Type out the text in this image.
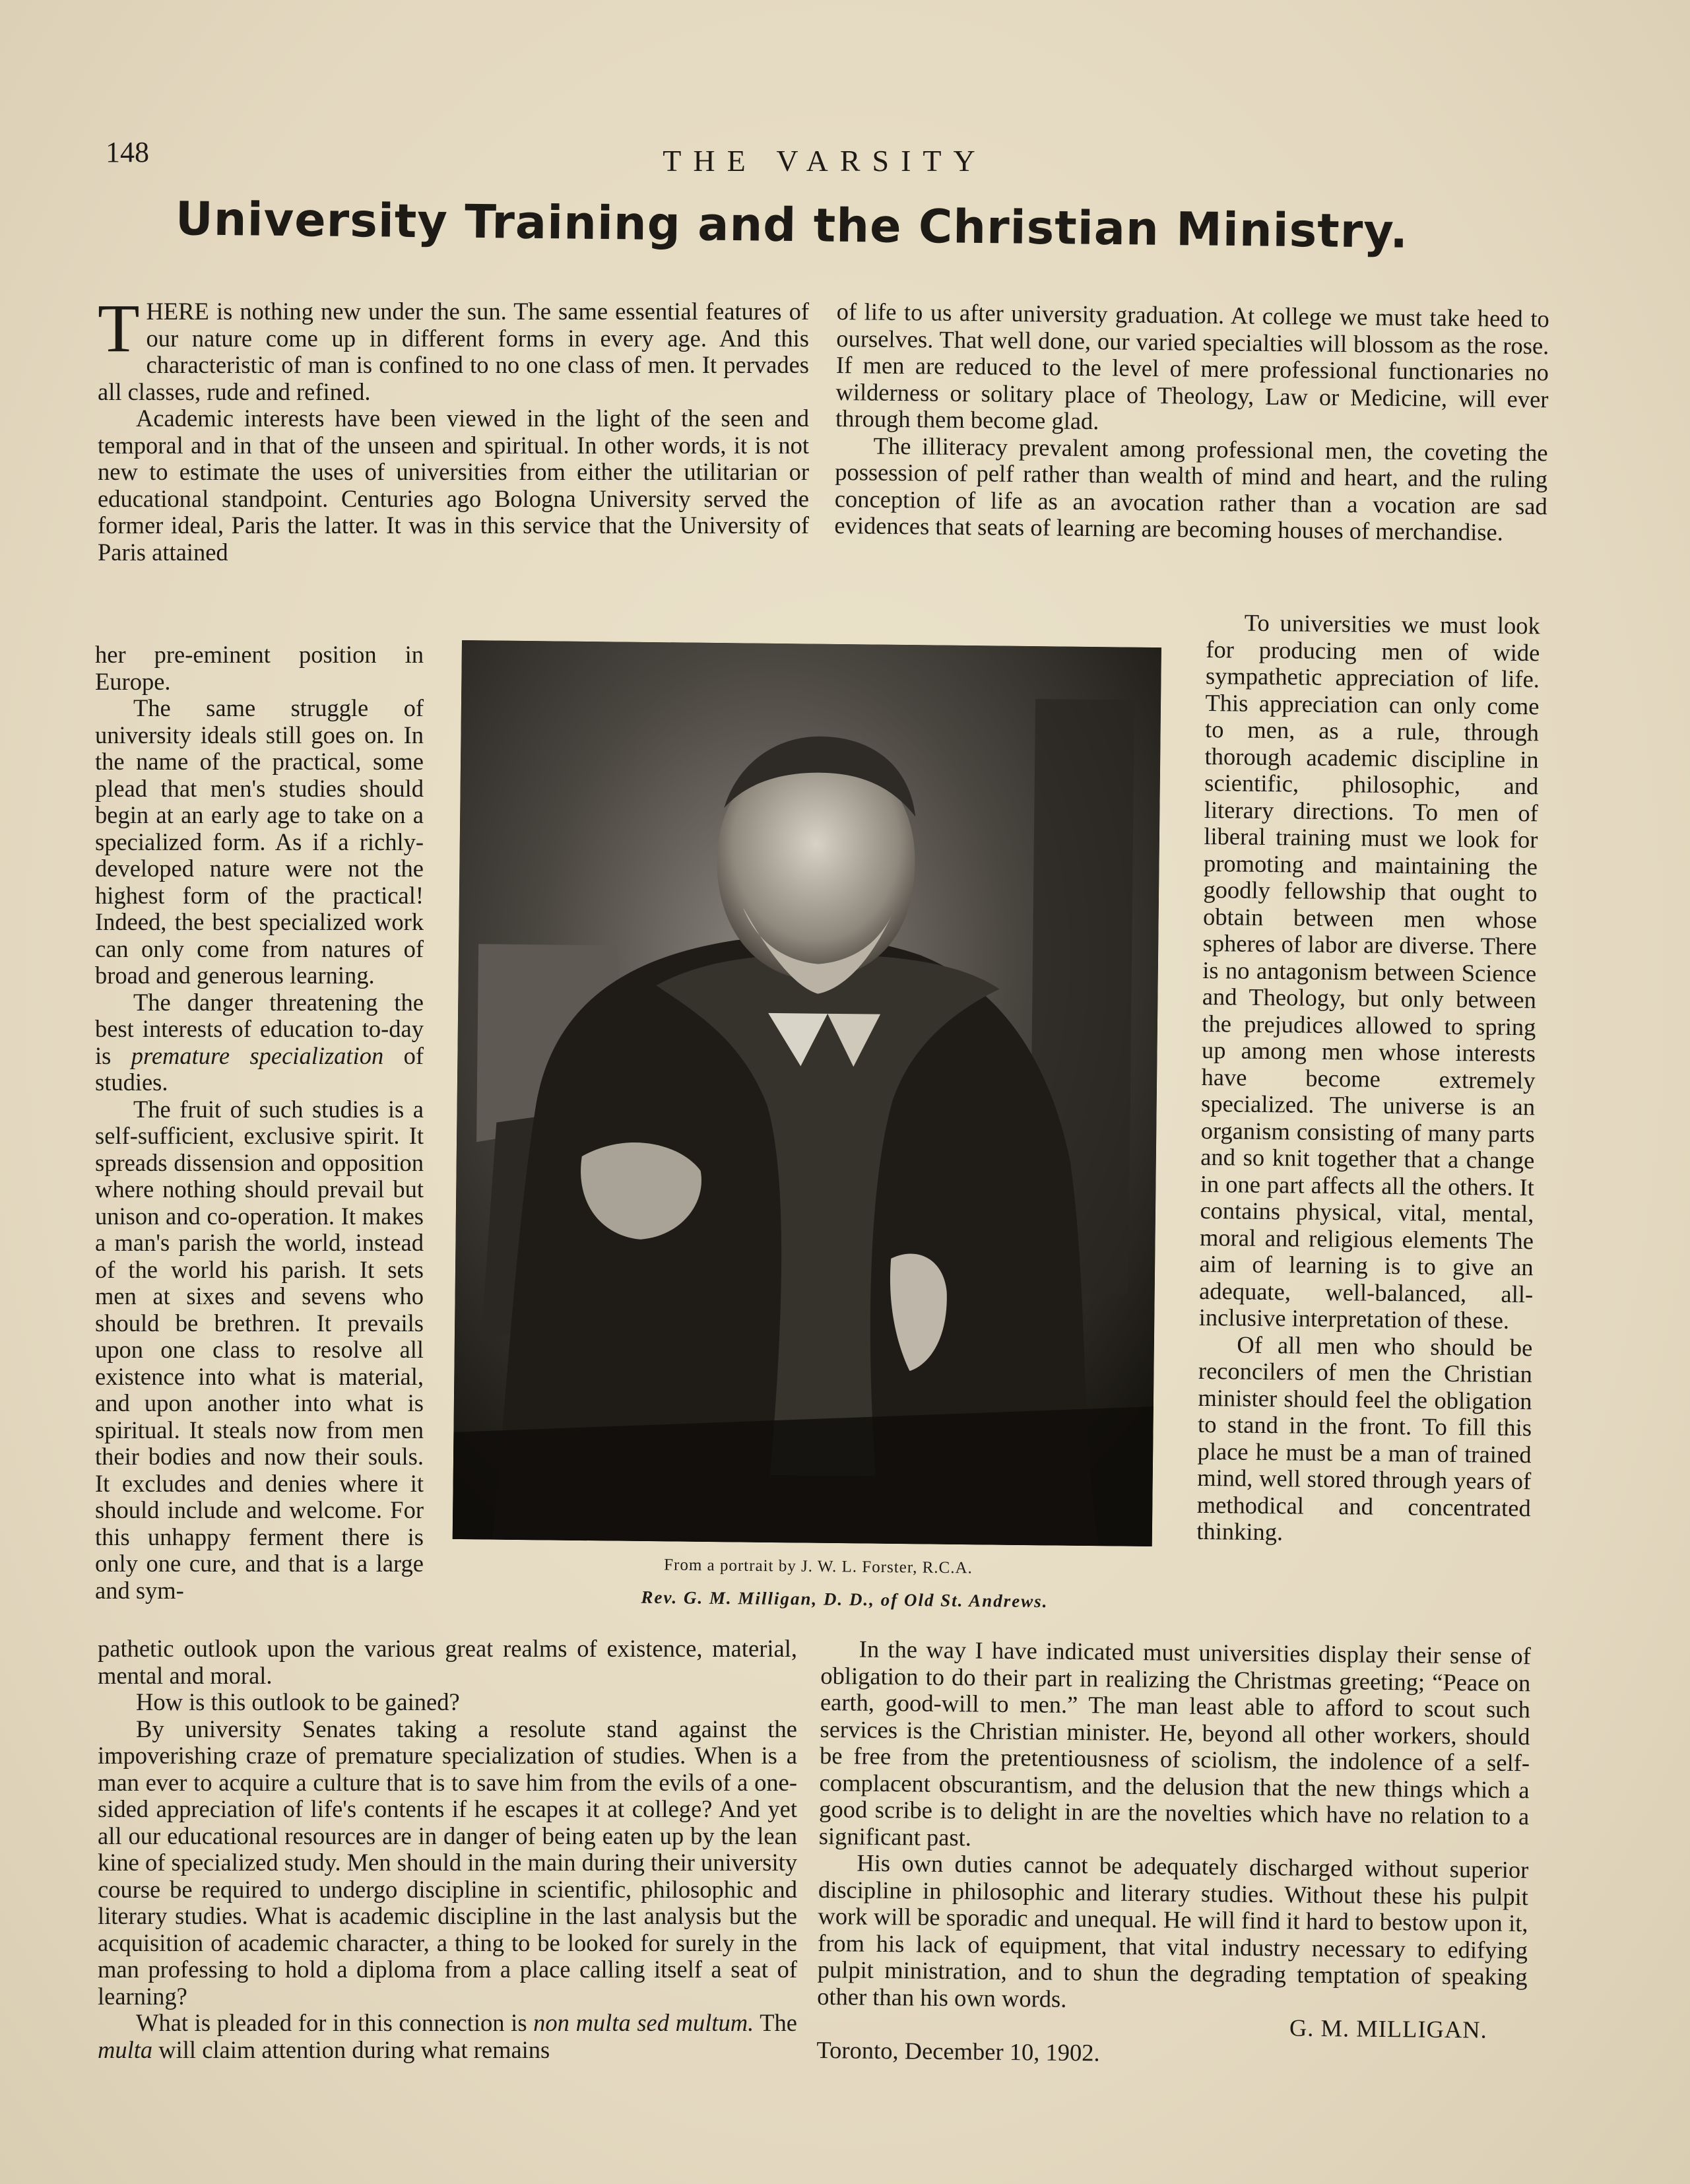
148	THE VARSITY
University Training and the Christian Ministry.

THERE is nothing new under the sun. The same essential features of our nature come up in different forms in every age. And this characteristic of man is confined to no one class of men. It pervades all classes, rude and refined.

Academic interests have been viewed in the light of the seen and temporal and in that of the unseen and spiritual. In other words, it is not new to estimate the uses of universities from either the utilitarian or educational standpoint. Centuries ago Bologna University served the former ideal, Paris the latter. It was in this service that the University of Paris attained

her pre-eminent position in Europe.

The same struggle of university ideals still goes on. In the name of the practical, some plead that men's studies should begin at an early age to take on a specialized form. As if a richly-developed nature were not the highest form of the practical! Indeed, the best specialized work can only come from natures of broad and generous learning.

The danger threatening the best interests of education to-day is premature specialization of studies.

The fruit of such studies is a self-sufficient, exclusive spirit. It spreads dissension and opposition where nothing should prevail but unison and co-operation. It makes a man's parish the world, instead of the world his parish. It sets men at sixes and sevens who should be brethren. It prevails upon one class to resolve all existence into what is material, and upon another into what is spiritual. It steals now from men their bodies and now their souls. It excludes and denies where it should include and welcome. For this unhappy ferment there is only one cure, and that is a large and sym-

From a portrait by J. W. L. Forster, R.C.A.
Rev. G. M. Milligan, D. D., of Old St. Andrews.

pathetic outlook upon the various great realms of existence, material, mental and moral.

How is this outlook to be gained?

By university Senates taking a resolute stand against the impoverishing craze of premature specialization of studies. When is a man ever to acquire a culture that is to save him from the evils of a one-sided appreciation of life's contents if he escapes it at college? And yet all our educational resources are in danger of being eaten up by the lean kine of specialized study. Men should in the main during their university course be required to undergo discipline in scientific, philosophic and literary studies. What is academic discipline in the last analysis but the acquisition of academic character, a thing to be looked for surely in the man professing to hold a diploma from a place calling itself a seat of learning?

What is pleaded for in this connection is non multa sed multum. The multa will claim attention during what remains

of life to us after university graduation. At college we must take heed to ourselves. That well done, our varied specialties will blossom as the rose. If men are reduced to the level of mere professional functionaries no wilderness or solitary place of Theology, Law or Medicine, will ever through them become glad.

The illiteracy prevalent among professional men, the coveting the possession of pelf rather than wealth of mind and heart, and the ruling conception of life as an avocation rather than a vocation are sad evidences that seats of learning are becoming houses of merchandise.

To universities we must look for producing men of wide sympathetic appreciation of life. This appreciation can only come to men, as a rule, through thorough academic discipline in scientific, philosophic, and literary directions. To men of liberal training must we look for promoting and maintaining the goodly fellowship that ought to obtain between men whose spheres of labor are diverse. There is no antagonism between Science and Theology, but only between the prejudices allowed to spring up among men whose interests have become extremely specialized. The universe is an organism consisting of many parts and so knit together that a change in one part affects all the others. It contains physical, vital, mental, moral and religious elements The aim of learning is to give an adequate, well-balanced, all-inclusive interpretation of these.

Of all men who should be reconcilers of men the Christian minister should feel the obligation to stand in the front. To fill this place he must be a man of trained mind, well stored through years of methodical and concentrated thinking.

In the way I have indicated must universities display their sense of obligation to do their part in realizing the Christmas greeting; “Peace on earth, good-will to men.” The man least able to afford to scout such services is the Christian minister. He, beyond all other workers, should be free from the pretentiousness of sciolism, the indolence of a self-complacent obscurantism, and the delusion that the new things which a good scribe is to delight in are the novelties which have no relation to a significant past.

His own duties cannot be adequately discharged without superior discipline in philosophic and literary studies. Without these his pulpit work will be sporadic and unequal. He will find it hard to bestow upon it, from his lack of equipment, that vital industry necessary to edifying pulpit ministration, and to shun the degrading temptation of speaking other than his own words.

G. M. MILLIGAN.

Toronto, December 10, 1902.
